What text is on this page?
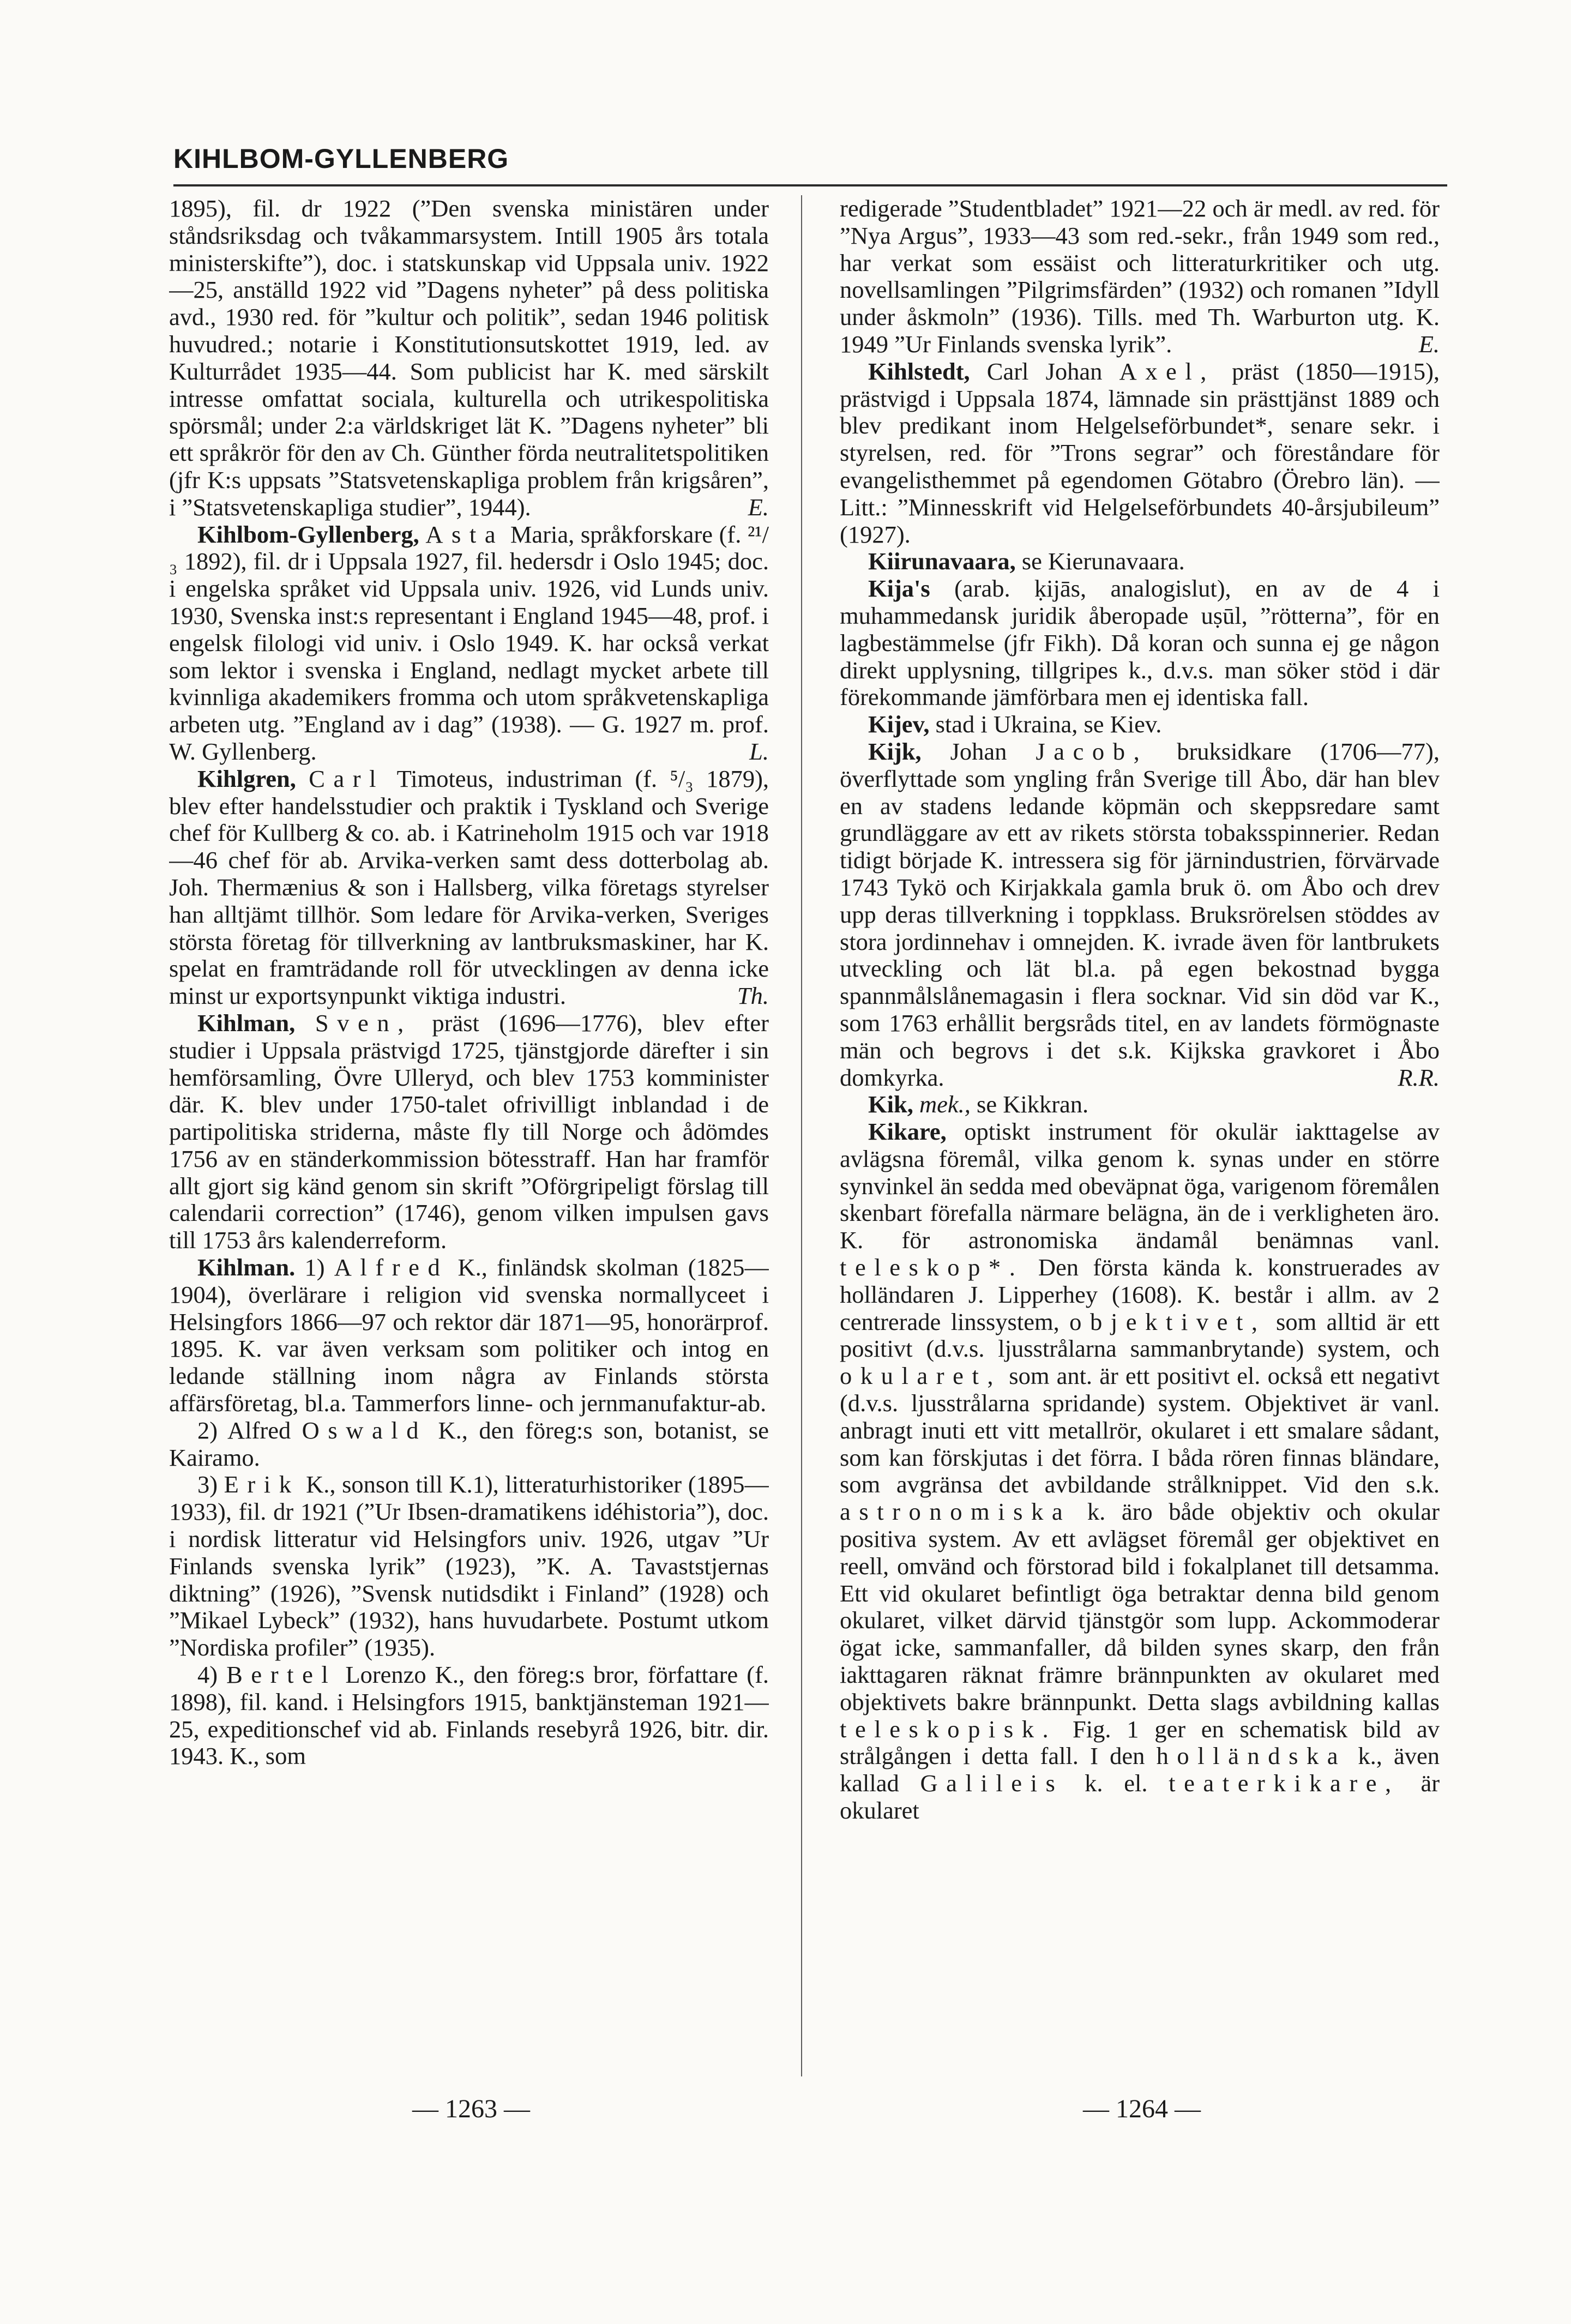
KIHLBOM-GYLLENBERG

1895), fil. dr 1922 (”Den svenska ministären under ståndsriksdag och tvåkammarsystem. Intill 1905 års totala ministerskifte”), doc. i statskunskap vid Uppsala univ. 1922—25, anställd 1922 vid ”Dagens nyheter” på dess politiska avd., 1930 red. för ”kultur och politik”, sedan 1946 politisk huvudred.; notarie i Konstitutionsutskottet 1919, led. av Kulturrådet 1935—44. Som publicist har K. med särskilt intresse omfattat sociala, kulturella och utrikespolitiska spörsmål; under 2:a världskriget lät K. ”Dagens nyheter” bli ett språkrör för den av Ch. Günther förda neutralitetspolitiken (jfr K:s uppsats ”Statsvetenskapliga problem från krigsåren”, i ”Statsvetenskapliga studier”, 1944).	E.

Kihlbom-Gyllenberg, Asta Maria, språkforskare (f. ²¹/₃ 1892), fil. dr i Uppsala 1927, fil. hedersdr i Oslo 1945; doc. i engelska språket vid Uppsala univ. 1926, vid Lunds univ. 1930, Svenska inst:s representant i England 1945—48, prof. i engelsk filologi vid univ. i Oslo 1949. K. har också verkat som lektor i svenska i England, nedlagt mycket arbete till kvinnliga akademikers fromma och utom språkvetenskapliga arbeten utg. ”England av i dag” (1938). — G. 1927 m. prof. W. Gyllenberg.	L.

Kihlgren, Carl Timoteus, industriman (f. ⁵/₃ 1879), blev efter handelsstudier och praktik i Tyskland och Sverige chef för Kullberg & co. ab. i Katrineholm 1915 och var 1918—46 chef för ab. Arvika-verken samt dess dotterbolag ab. Joh. Thermænius & son i Hallsberg, vilka företags styrelser han alltjämt tillhör. Som ledare för Arvika-verken, Sveriges största företag för tillverkning av lantbruksmaskiner, har K. spelat en framträdande roll för utvecklingen av denna icke minst ur exportsynpunkt viktiga industri.	Th.

Kihlman, Sven, präst (1696—1776), blev efter studier i Uppsala prästvigd 1725, tjänstgjorde därefter i sin hemförsamling, Övre Ulleryd, och blev 1753 komminister där. K. blev under 1750-talet ofrivilligt inblandad i de partipolitiska striderna, måste fly till Norge och ådömdes 1756 av en ständerkommission bötesstraff. Han har framför allt gjort sig känd genom sin skrift ”Oförgripeligt förslag till calendarii correction” (1746), genom vilken impulsen gavs till 1753 års kalenderreform.

Kihlman. 1) Alfred K., finländsk skolman (1825—1904), överlärare i religion vid svenska normallyceet i Helsingfors 1866—97 och rektor där 1871—95, honorärprof. 1895. K. var även verksam som politiker och intog en ledande ställning inom några av Finlands största affärsföretag, bl.a. Tammerfors linne- och jernmanufaktur-ab.

2) Alfred Oswald K., den föreg:s son, botanist, se Kairamo.

3) Erik K., sonson till K.1), litteraturhistoriker (1895—1933), fil. dr 1921 (”Ur Ibsen-dramatikens idéhistoria”), doc. i nordisk litteratur vid Helsingfors univ. 1926, utgav ”Ur Finlands svenska lyrik” (1923), ”K. A. Tavaststjernas diktning” (1926), ”Svensk nutidsdikt i Finland” (1928) och ”Mikael Lybeck” (1932), hans huvudarbete. Postumt utkom ”Nordiska profiler” (1935).

4) Bertel Lorenzo K., den föreg:s bror, författare (f. 1898), fil. kand. i Helsingfors 1915, banktjänsteman 1921—25, expeditionschef vid ab. Finlands resebyrå 1926, bitr. dir. 1943. K., som

redigerade ”Studentbladet” 1921—22 och är medl. av red. för ”Nya Argus”, 1933—43 som red.-sekr., från 1949 som red., har verkat som essäist och litteraturkritiker och utg. novellsamlingen ”Pilgrimsfärden” (1932) och romanen ”Idyll under åskmoln” (1936). Tills. med Th. Warburton utg. K. 1949 ”Ur Finlands svenska lyrik”.	E.

Kihlstedt, Carl Johan Axel, präst (1850—1915), prästvigd i Uppsala 1874, lämnade sin prästtjänst 1889 och blev predikant inom Helgelseförbundet*, senare sekr. i styrelsen, red. för ”Trons segrar” och föreståndare för evangelisthemmet på egendomen Götabro (Örebro län). — Litt.: ”Minnesskrift vid Helgelseförbundets 40-årsjubileum” (1927).

Kiirunavaara, se Kierunavaara.

Kija's (arab. ḳijās, analogislut), en av de 4 i muhammedansk juridik åberopade uṣūl, ”rötterna”, för en lagbestämmelse (jfr Fikh). Då koran och sunna ej ge någon direkt upplysning, tillgripes k., d.v.s. man söker stöd i där förekommande jämförbara men ej identiska fall.

Kijev, stad i Ukraina, se Kiev.

Kijk, Johan Jacob, bruksidkare (1706—77), överflyttade som yngling från Sverige till Åbo, där han blev en av stadens ledande köpmän och skeppsredare samt grundläggare av ett av rikets största tobaksspinnerier. Redan tidigt började K. intressera sig för järnindustrien, förvärvade 1743 Tykö och Kirjakkala gamla bruk ö. om Åbo och drev upp deras tillverkning i toppklass. Bruksrörelsen stöddes av stora jordinnehav i omnejden. K. ivrade även för lantbrukets utveckling och lät bl.a. på egen bekostnad bygga spannmålslånemagasin i flera socknar. Vid sin död var K., som 1763 erhållit bergsråds titel, en av landets förmögnaste män och begrovs i det s.k. Kijkska gravkoret i Åbo domkyrka.	R.R.

Kik, mek., se Kikkran.

Kikare, optiskt instrument för okulär iakttagelse av avlägsna föremål, vilka genom k. synas under en större synvinkel än sedda med obeväpnat öga, varigenom föremålen skenbart förefalla närmare belägna, än de i verkligheten äro. K. för astronomiska ändamål benämnas vanl. teleskop*. Den första kända k. konstruerades av holländaren J. Lipperhey (1608). K. består i allm. av 2 centrerade linssystem, objektivet, som alltid är ett positivt (d.v.s. ljusstrålarna sammanbrytande) system, och okularet, som ant. är ett positivt el. också ett negativt (d.v.s. ljusstrålarna spridande) system. Objektivet är vanl. anbragt inuti ett vitt metallrör, okularet i ett smalare sådant, som kan förskjutas i det förra. I båda rören finnas bländare, som avgränsa det avbildande strålknippet. Vid den s.k. astronomiska k. äro både objektiv och okular positiva system. Av ett avlägset föremål ger objektivet en reell, omvänd och förstorad bild i fokalplanet till detsamma. Ett vid okularet befintligt öga betraktar denna bild genom okularet, vilket därvid tjänstgör som lupp. Ackommoderar ögat icke, sammanfaller, då bilden synes skarp, den från iakttagaren räknat främre brännpunkten av okularet med objektivets bakre brännpunkt. Detta slags avbildning kallas teleskopisk. Fig. 1 ger en schematisk bild av strålgången i detta fall. I den holländska k., även kallad Galileis k. el. teaterkikare, är okularet

— 1263 —	— 1264 —
